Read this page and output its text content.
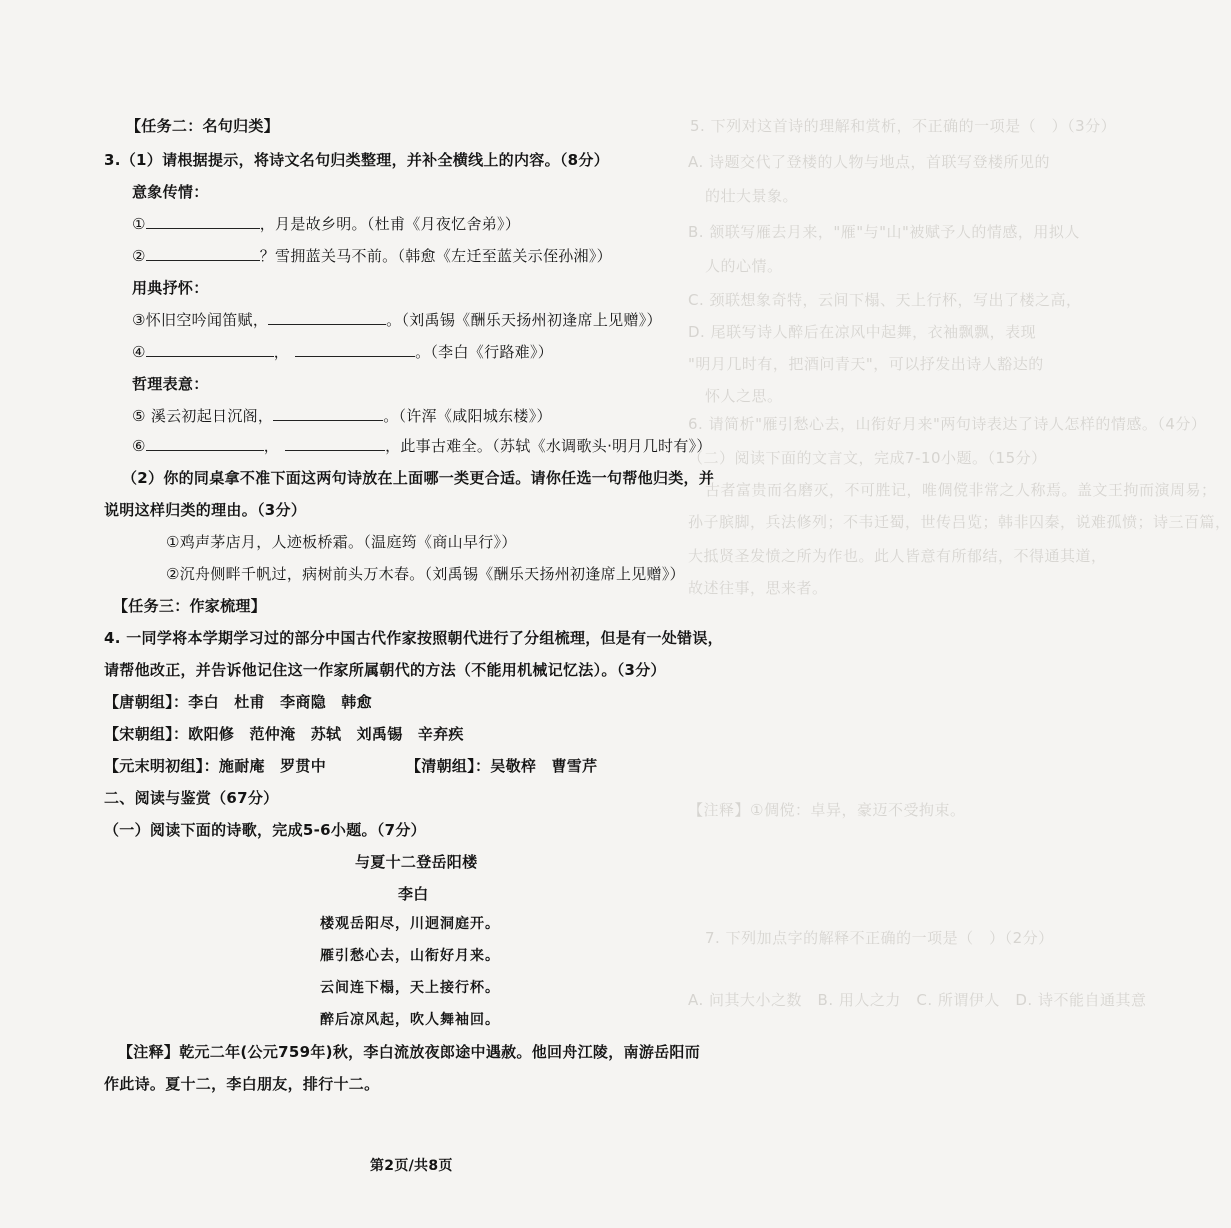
5. 下列对这首诗的理解和赏析，不正确的一项是（　）（3分）
A. 诗题交代了登楼的人物与地点，首联写登楼所见的
的壮大景象。
B. 颔联写雁去月来，"雁"与"山"被赋予人的情感，用拟人
人的心情。
C. 颈联想象奇特，云间下榻、天上行杯，写出了楼之高，
D. 尾联写诗人醉后在凉风中起舞，衣袖飘飘，表现
"明月几时有，把酒问青天"，可以抒发出诗人豁达的
怀人之思。
6. 请简析"雁引愁心去，山衔好月来"两句诗表达了诗人怎样的情感。（4分）
（二）阅读下面的文言文，完成7-10小题。（15分）
古者富贵而名磨灭，不可胜记，唯倜傥非常之人称焉。盖文王拘而演周易；
孙子膑脚，兵法修列；不韦迁蜀，世传吕览；韩非囚秦，说难孤愤；诗三百篇，
大抵贤圣发愤之所为作也。此人皆意有所郁结，不得通其道，
故述往事，思来者。
【注释】①倜傥：卓异，豪迈不受拘束。
7. 下列加点字的解释不正确的一项是（　）（2分）
A. 问其大小之数　B. 用人之力　C. 所谓伊人　D. 诗不能自通其意
【任务二：名句归类】
3.（1）请根据提示，将诗文名句归类整理，并补全横线上的内容。（8分）
意象传情：
①	，月是故乡明。（杜甫《月夜忆舍弟》）
②	？雪拥蓝关马不前。（韩愈《左迁至蓝关示侄孙湘》）
用典抒怀：
③怀旧空吟闻笛赋，	。（刘禹锡《酬乐天扬州初逢席上见赠》）
④	，	。（李白《行路难》）
哲理表意：
⑤ 溪云初起日沉阁，	。（许浑《咸阳城东楼》）
⑥	，	，此事古难全。（苏轼《水调歌头·明月几时有》）
（2）你的同桌拿不准下面这两句诗放在上面哪一类更合适。请你任选一句帮他归类，并
说明这样归类的理由。（3分）
①鸡声茅店月，人迹板桥霜。（温庭筠《商山早行》）
②沉舟侧畔千帆过，病树前头万木春。（刘禹锡《酬乐天扬州初逢席上见赠》）
【任务三：作家梳理】
4. 一同学将本学期学习过的部分中国古代作家按照朝代进行了分组梳理，但是有一处错误，
请帮他改正，并告诉他记住这一作家所属朝代的方法（不能用机械记忆法）。（3分）
【唐朝组】：李白　杜甫　李商隐　韩愈
【宋朝组】：欧阳修　范仲淹　苏轼　刘禹锡　辛弃疾
【元末明初组】：施耐庵　罗贯中	【清朝组】：吴敬梓　曹雪芹
二、阅读与鉴赏（67分）
（一）阅读下面的诗歌，完成5-6小题。（7分）
与夏十二登岳阳楼
李白
楼观岳阳尽，川迥洞庭开。
雁引愁心去，山衔好月来。
云间连下榻，天上接行杯。
醉后凉风起，吹人舞袖回。
【注释】乾元二年(公元759年)秋，李白流放夜郎途中遇赦。他回舟江陵，南游岳阳而
作此诗。夏十二，李白朋友，排行十二。
第2页/共8页
